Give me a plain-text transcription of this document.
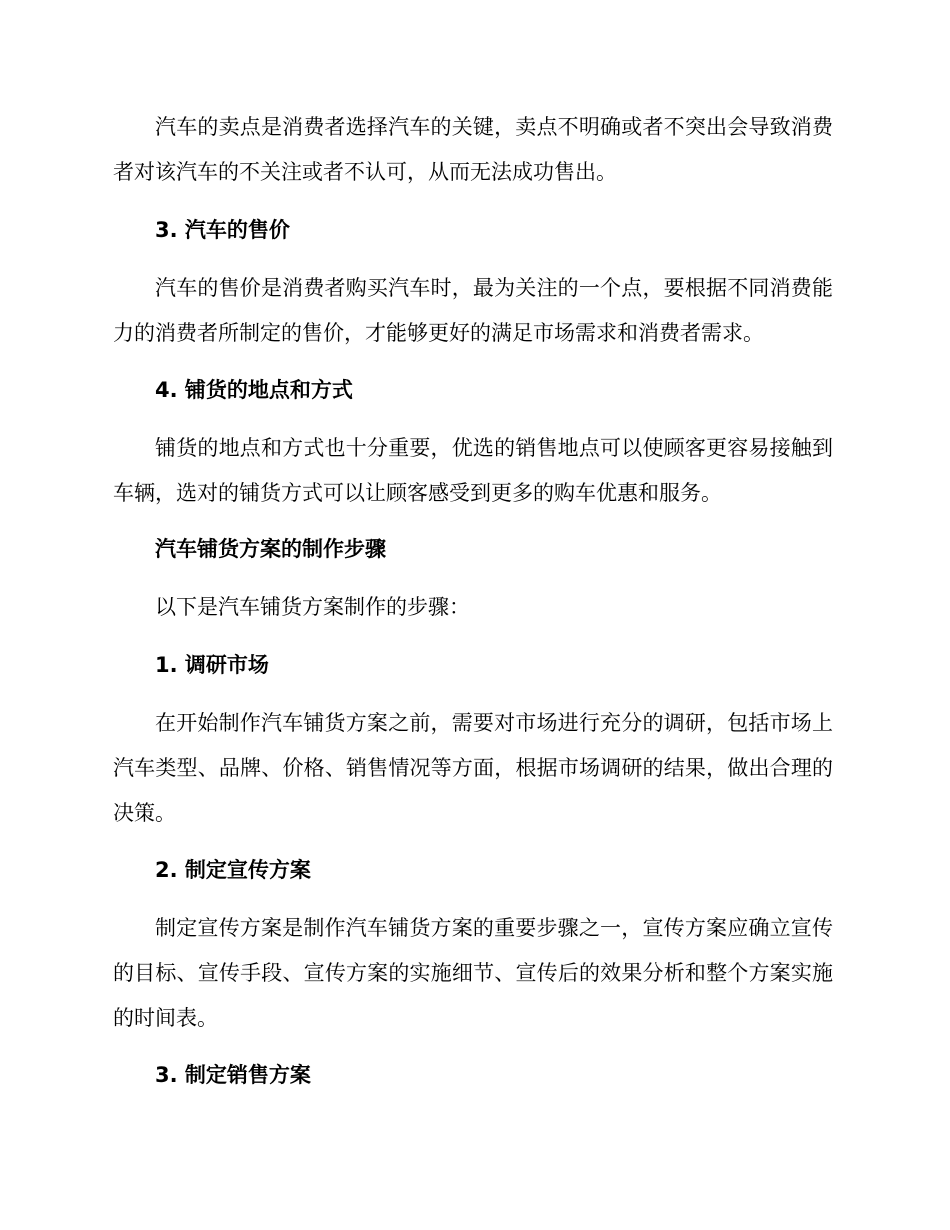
汽车的卖点是消费者选择汽车的关键，卖点不明确或者不突出会导致消费者对该汽车的不关注或者不认可，从而无法成功售出。

3. 汽车的售价

汽车的售价是消费者购买汽车时，最为关注的一个点，要根据不同消费能力的消费者所制定的售价，才能够更好的满足市场需求和消费者需求。

4. 铺货的地点和方式

铺货的地点和方式也十分重要，优选的销售地点可以使顾客更容易接触到车辆，选对的铺货方式可以让顾客感受到更多的购车优惠和服务。

汽车铺货方案的制作步骤

以下是汽车铺货方案制作的步骤：

1. 调研市场

在开始制作汽车铺货方案之前，需要对市场进行充分的调研，包括市场上汽车类型、品牌、价格、销售情况等方面，根据市场调研的结果，做出合理的决策。

2. 制定宣传方案

制定宣传方案是制作汽车铺货方案的重要步骤之一，宣传方案应确立宣传的目标、宣传手段、宣传方案的实施细节、宣传后的效果分析和整个方案实施的时间表。

3. 制定销售方案
